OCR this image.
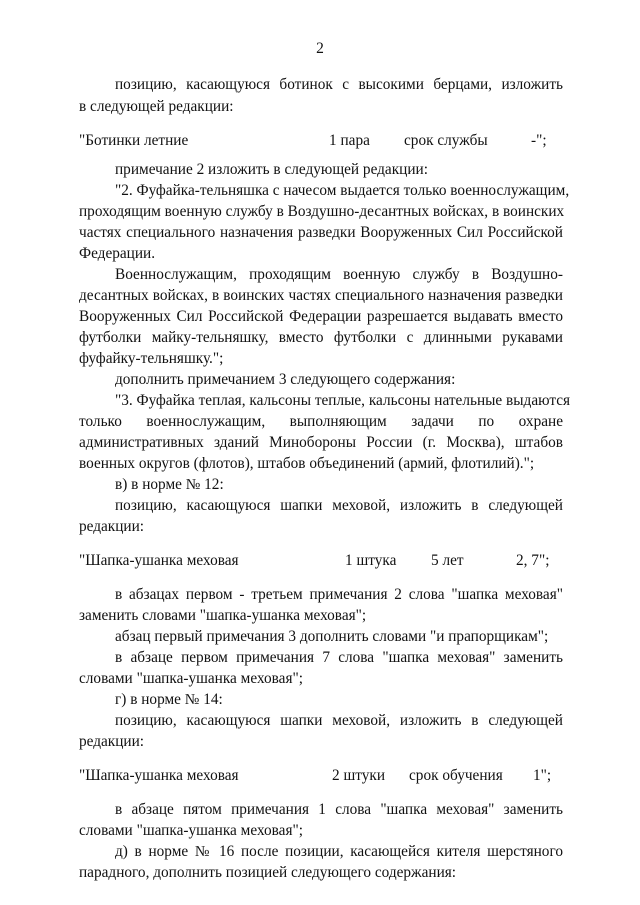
2
позицию, касающуюся ботинок с высокими берцами, изложить
в следующей редакции:
"Ботинки летние	1 пара срок службы	-";
примечание 2 изложить в следующей редакции:
"2. Фуфайка-тельняшка с начесом выдается только военнослужащим,
проходящим военную службу в Воздушно-десантных войсках, в воинских
частях специального назначения разведки Вооруженных Сил Российской
Федерации.
Военнослужащим, проходящим военную службу в Воздушно-
десантных войсках, в воинских частях специального назначения разведки
Вооруженных Сил Российской Федерации разрешается выдавать вместо
футболки майку-тельняшку, вместо футболки с длинными рукавами
фуфайку-тельняшку.";
дополнить примечанием 3 следующего содержания:
"3. Фуфайка теплая, кальсоны теплые, кальсоны нательные выдаются
только военнослужащим, выполняющим задачи по охране
административных зданий Минобороны России (г. Москва), штабов
военных округов (флотов), штабов объединений (армий, флотилий).";
в) в норме № 12:
позицию, касающуюся шапки меховой, изложить в следующей
редакции:
"Шапка-ушанка меховая	1 штука 5 лет	2, 7";
в абзацах первом - третьем примечания 2 слова "шапка меховая"
заменить словами "шапка-ушанка меховая";
абзац первый примечания 3 дополнить словами "и прапорщикам";
в абзаце первом примечания 7 слова "шапка меховая" заменить
словами "шапка-ушанка меховая";
г) в норме № 14:
позицию, касающуюся шапки меховой, изложить в следующей
редакции:
"Шапка-ушанка меховая	2 штуки срок обучения 1";
в абзаце пятом примечания 1 слова "шапка меховая" заменить
словами "шапка-ушанка меховая";
д) в норме № 16 после позиции, касающейся кителя шерстяного
парадного, дополнить позицией следующего содержания:
